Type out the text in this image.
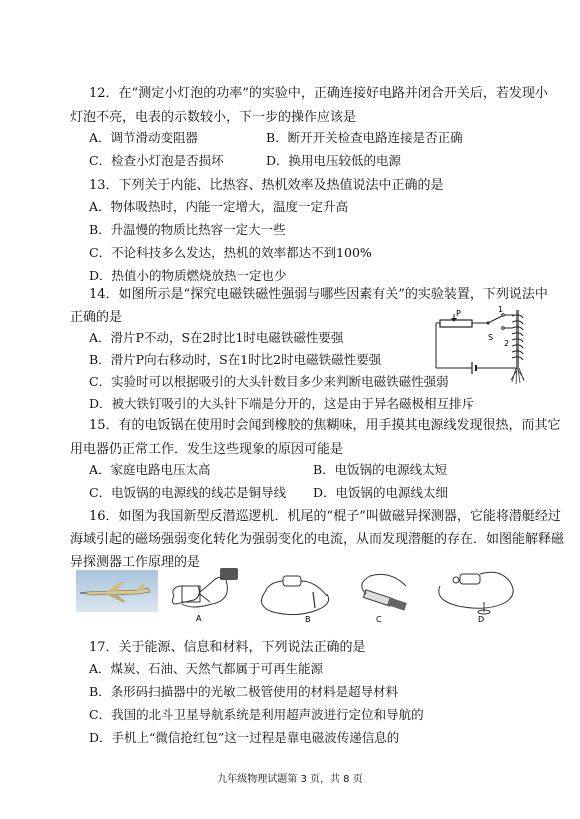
12．在“测定小灯泡的功率”的实验中，正确连接好电路并闭合开关后，若发现小
灯泡不亮，电表的示数较小，下一步的操作应该是
A．调节滑动变阻器	B．断开开关检查电路连接是否正确
C．检查小灯泡是否损坏	D．换用电压较低的电源
13．下列关于内能、比热容、热机效率及热值说法中正确的是
A．物体吸热时，内能一定增大，温度一定升高
B．升温慢的物质比热容一定大一些
C．不论科技多么发达，热机的效率都达不到100%
D．热值小的物质燃烧放热一定也少
14．如图所示是“探究电磁铁磁性强弱与哪些因素有关”的实验装置，下列说法中
正确的是
A．滑片P不动，S在2时比1时电磁铁磁性要强
B．滑片P向右移动时，S在1时比2时电磁铁磁性要强
C．实验时可以根据吸引的大头针数目多少来判断电磁铁磁性强弱
D．被大铁钉吸引的大头针下端是分开的，这是由于异名磁极相互排斥
P	1
S
2
15．有的电饭锅在使用时会闻到橡胶的焦糊味，用手摸其电源线发现很热，而其它
用电器仍正常工作．发生这些现象的原因可能是
A．家庭电路电压太高	B．电饭锅的电源线太短
C．电饭锅的电源线的线芯是铜导线 D．电饭锅的电源线太细
16．如图为我国新型反潜巡逻机．机尾的“棍子”叫做磁异探测器，它能将潜艇经过
海域引起的磁场强弱变化转化为强弱变化的电流，从而发现潜艇的存在．如图能解释磁
异探测器工作原理的是
A	B	C	D
17．关于能源、信息和材料，下列说法正确的是
A．煤炭、石油、天然气都属于可再生能源
B．条形码扫描器中的光敏二极管使用的材料是超导材料
C．我国的北斗卫星导航系统是利用超声波进行定位和导航的
D．手机上“微信抢红包”这一过程是靠电磁波传递信息的
九年级物理试题第 3 页，共 8 页
